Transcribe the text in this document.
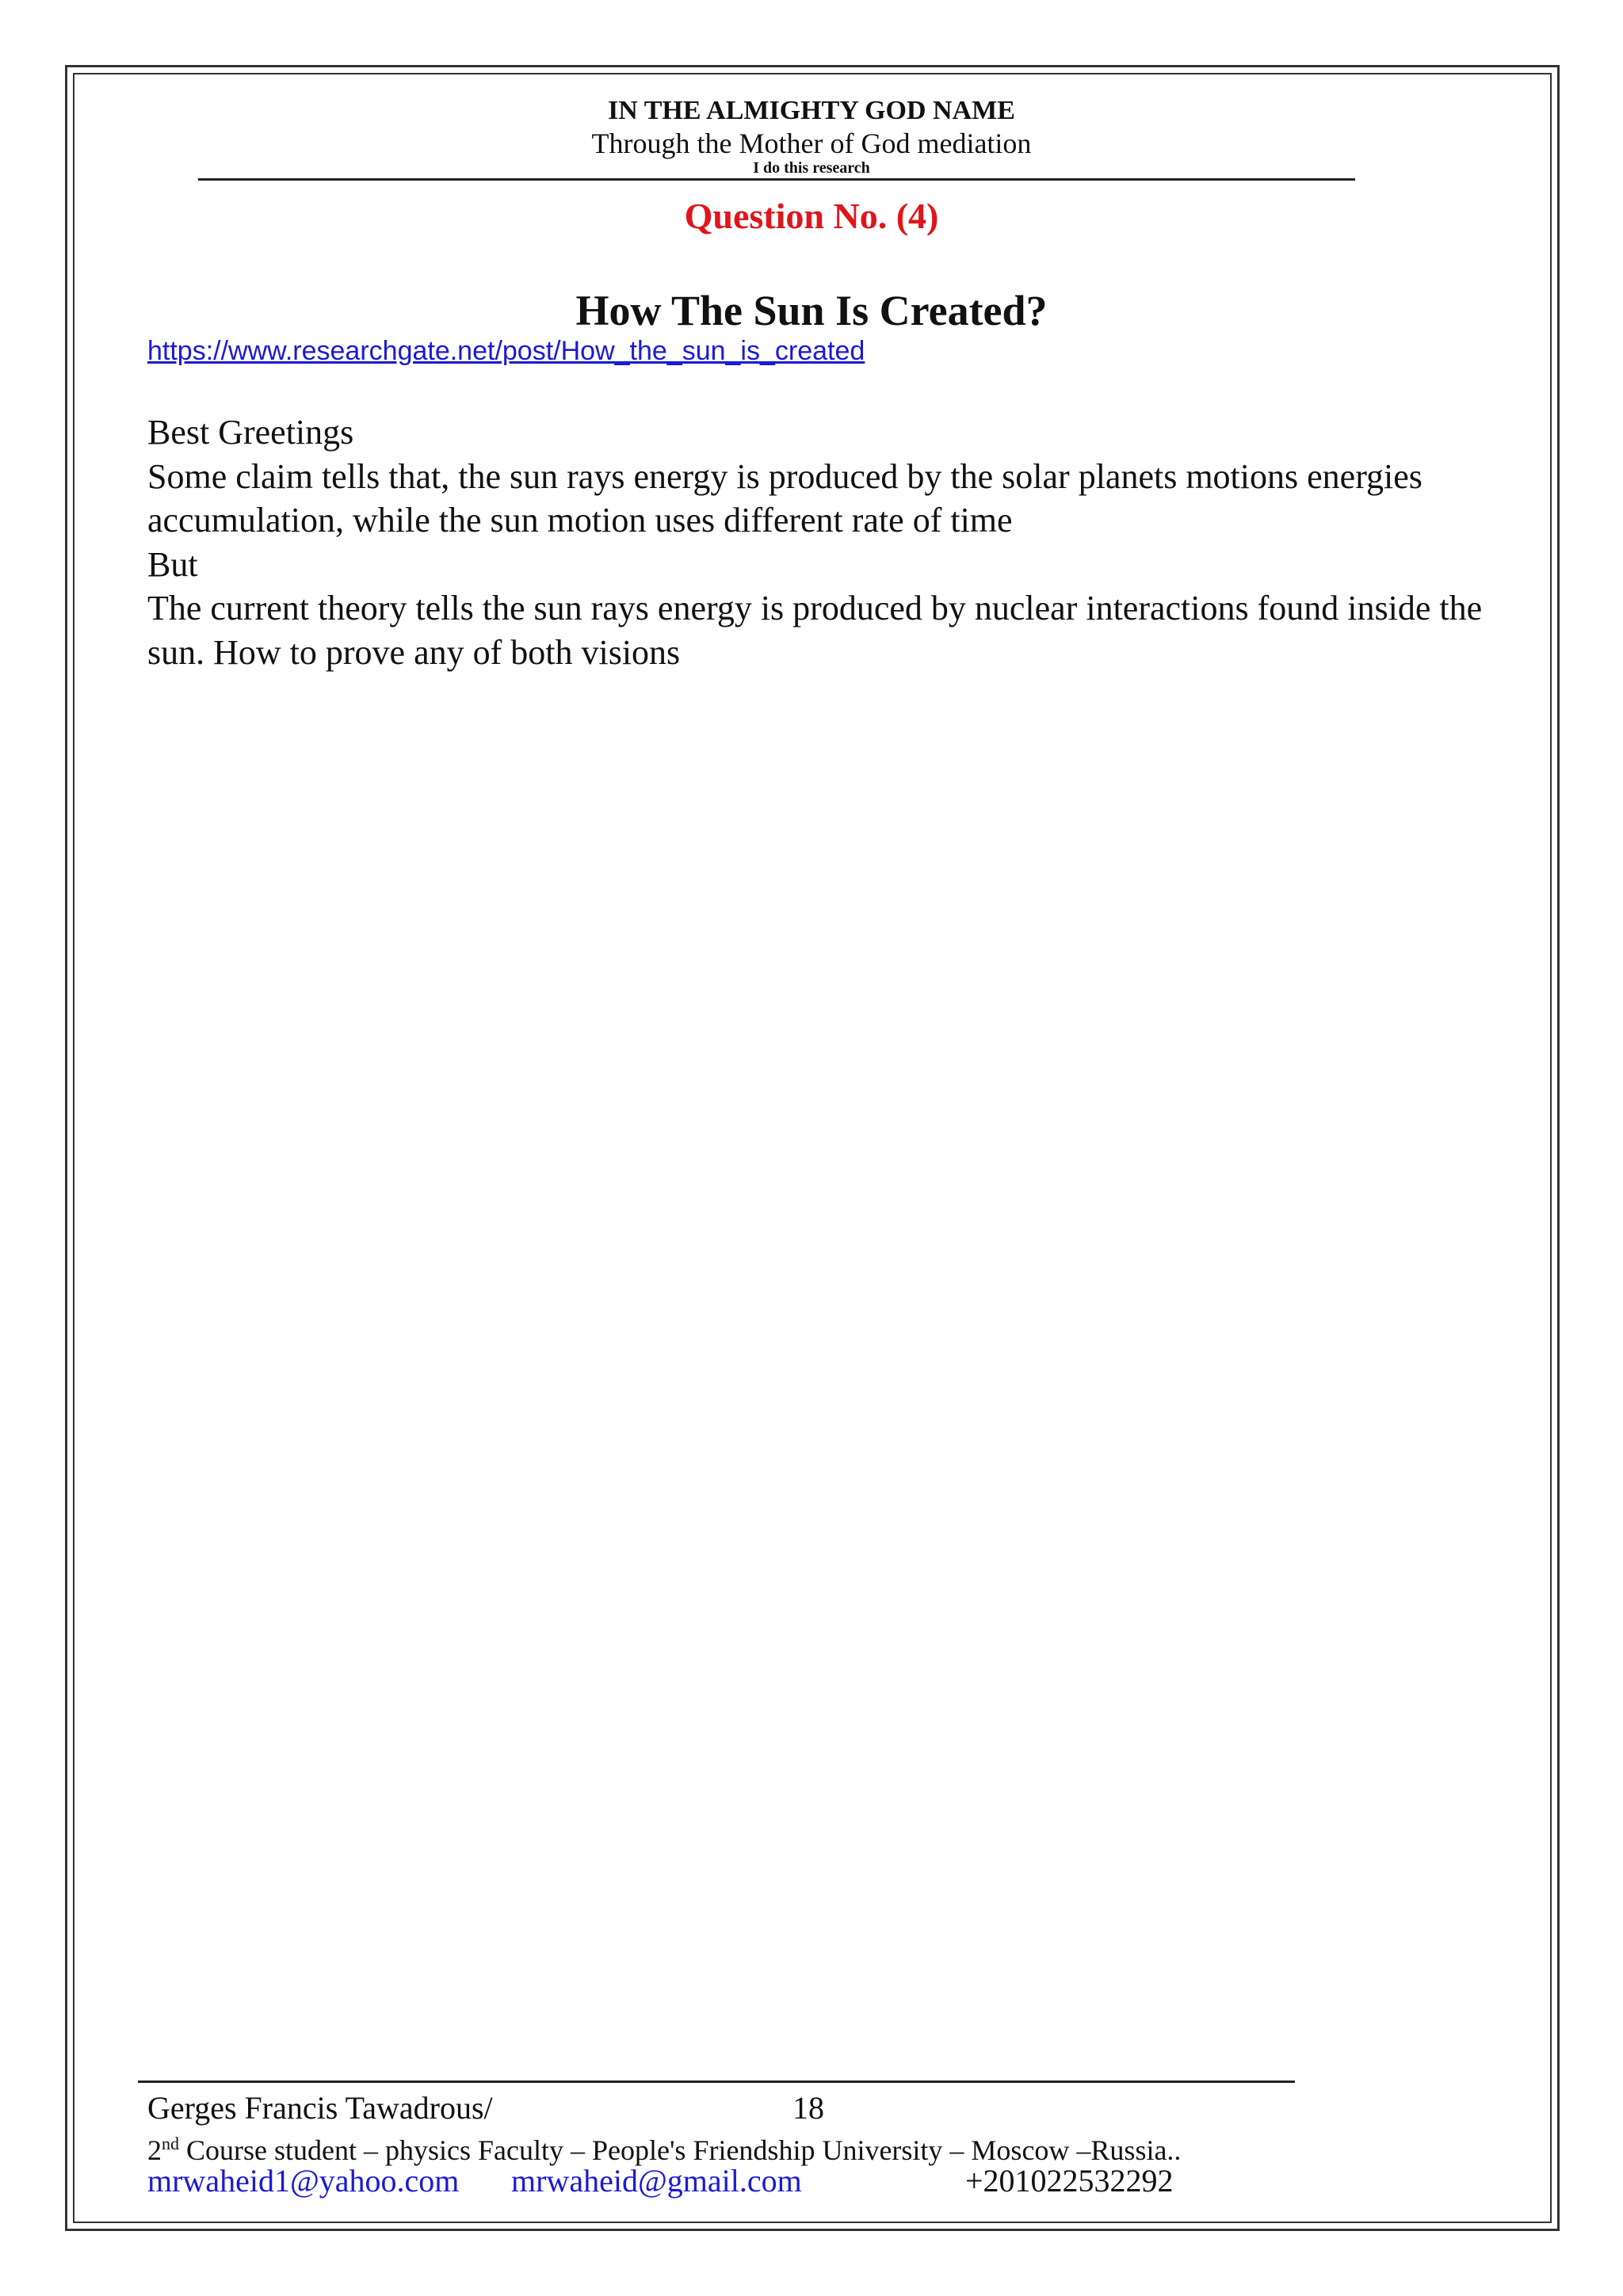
IN THE ALMIGHTY GOD NAME
Through the Mother of God mediation
I do this research
Question No. (4)
How The Sun Is Created?
https://www.researchgate.net/post/How_the_sun_is_created

Best Greetings

Some claim tells that, the sun rays energy is produced by the solar planets motions energies accumulation, while the sun motion uses different rate of time

But

The current theory tells the sun rays energy is produced by nuclear interactions found inside the sun. How to prove any of both visions

Gerges Francis Tawadrous/	18
2nd Course student – physics Faculty – People's Friendship University – Moscow –Russia..
mrwaheid1@yahoo.com mrwaheid@gmail.com	+201022532292
